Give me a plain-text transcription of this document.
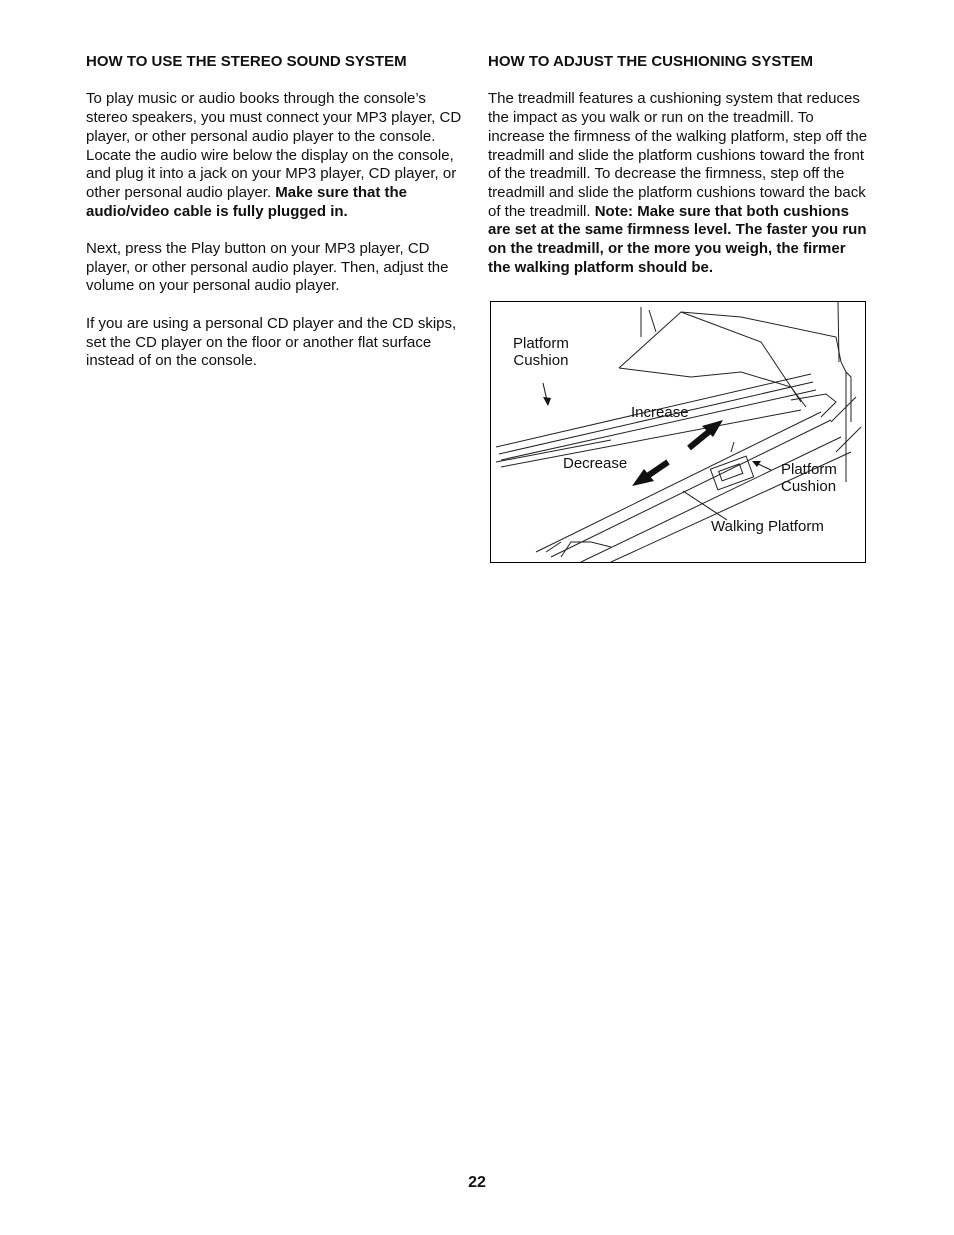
HOW TO USE THE STEREO SOUND SYSTEM

To play music or audio books through the console’s stereo speakers, you must connect your MP3 player, CD player, or other personal audio player to the console. Locate the audio wire below the display on the console, and plug it into a jack on your MP3 player, CD player, or other personal audio player. Make sure that the audio/video cable is fully plugged in.

Next, press the Play button on your MP3 player, CD player, or other personal audio player. Then, adjust the volume on your personal audio player.

If you are using a personal CD player and the CD skips, set the CD player on the floor or another flat surface instead of on the console.

HOW TO ADJUST THE CUSHIONING SYSTEM

The treadmill features a cushioning system that reduces the impact as you walk or run on the treadmill. To increase the firmness of the walking platform, step off the treadmill and slide the platform cushions toward the front of the treadmill. To decrease the firmness, step off the treadmill and slide the platform cushions toward the back of the treadmill. Note: Make sure that both cushions are set at the same firmness level. The faster you run on the treadmill, or the more you weigh, the firmer the walking platform should be.

Platform
Cushion
Increase
Decrease	Platform
Cushion
Walking Platform
22
